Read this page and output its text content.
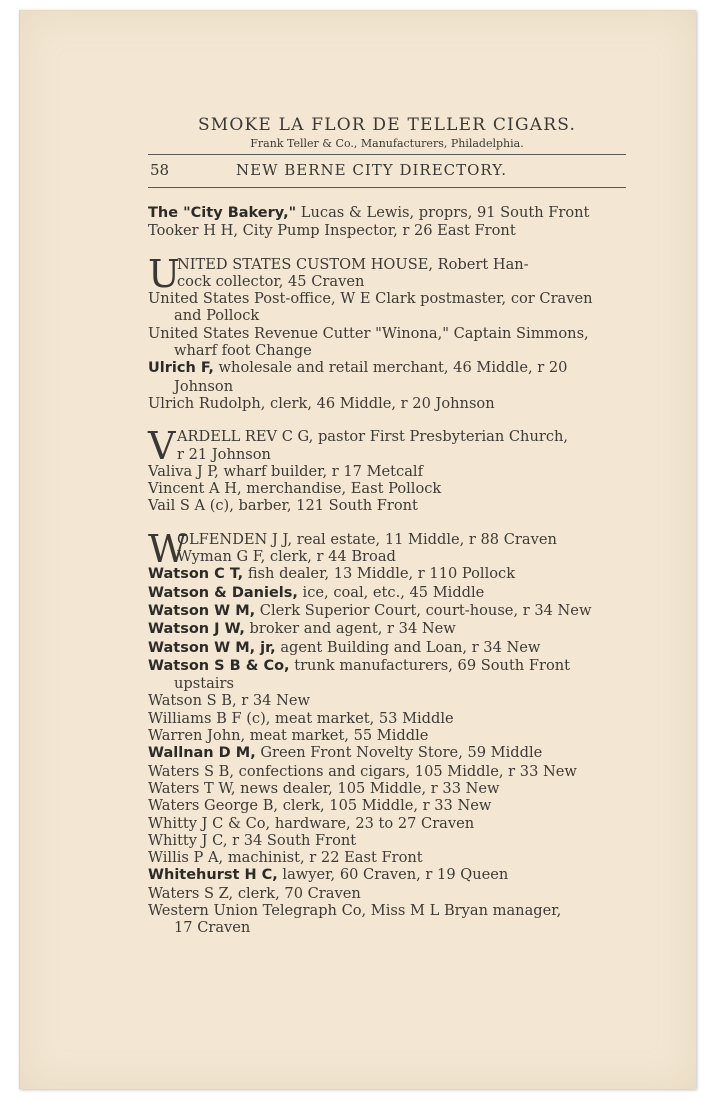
SMOKE LA FLOR DE TELLER CIGARS.
Frank Teller & Co., Manufacturers, Philadelphia.
58	NEW BERNE CITY DIRECTORY.
The "City Bakery," Lucas & Lewis, proprs, 91 South Front
Tooker H H, City Pump Inspector, r 26 East Front
U
NITED STATES CUSTOM HOUSE, Robert Han-
cock collector, 45 Craven
United States Post-office, W E Clark postmaster, cor Craven
and Pollock
United States Revenue Cutter "Winona," Captain Simmons,
wharf foot Change
Ulrich F, wholesale and retail merchant, 46 Middle, r 20
Johnson
Ulrich Rudolph, clerk, 46 Middle, r 20 Johnson
V ARDELL REV C G, pastor First Presbyterian Church,
r 21 Johnson
Valiva J P, wharf builder, r 17 Metcalf
Vincent A H, merchandise, East Pollock
Vail S A (c), barber, 121 South Front
W
OLFENDEN J J, real estate, 11 Middle, r 88 Craven
Wyman G F, clerk, r 44 Broad
Watson C T, fish dealer, 13 Middle, r 110 Pollock
Watson & Daniels, ice, coal, etc., 45 Middle
Watson W M, Clerk Superior Court, court-house, r 34 New
Watson J W, broker and agent, r 34 New
Watson W M, jr, agent Building and Loan, r 34 New
Watson S B & Co, trunk manufacturers, 69 South Front
upstairs
Watson S B, r 34 New
Williams B F (c), meat market, 53 Middle
Warren John, meat market, 55 Middle
Wallnan D M, Green Front Novelty Store, 59 Middle
Waters S B, confections and cigars, 105 Middle, r 33 New
Waters T W, news dealer, 105 Middle, r 33 New
Waters George B, clerk, 105 Middle, r 33 New
Whitty J C & Co, hardware, 23 to 27 Craven
Whitty J C, r 34 South Front
Willis P A, machinist, r 22 East Front
Whitehurst H C, lawyer, 60 Craven, r 19 Queen
Waters S Z, clerk, 70 Craven
Western Union Telegraph Co, Miss M L Bryan manager,
17 Craven
